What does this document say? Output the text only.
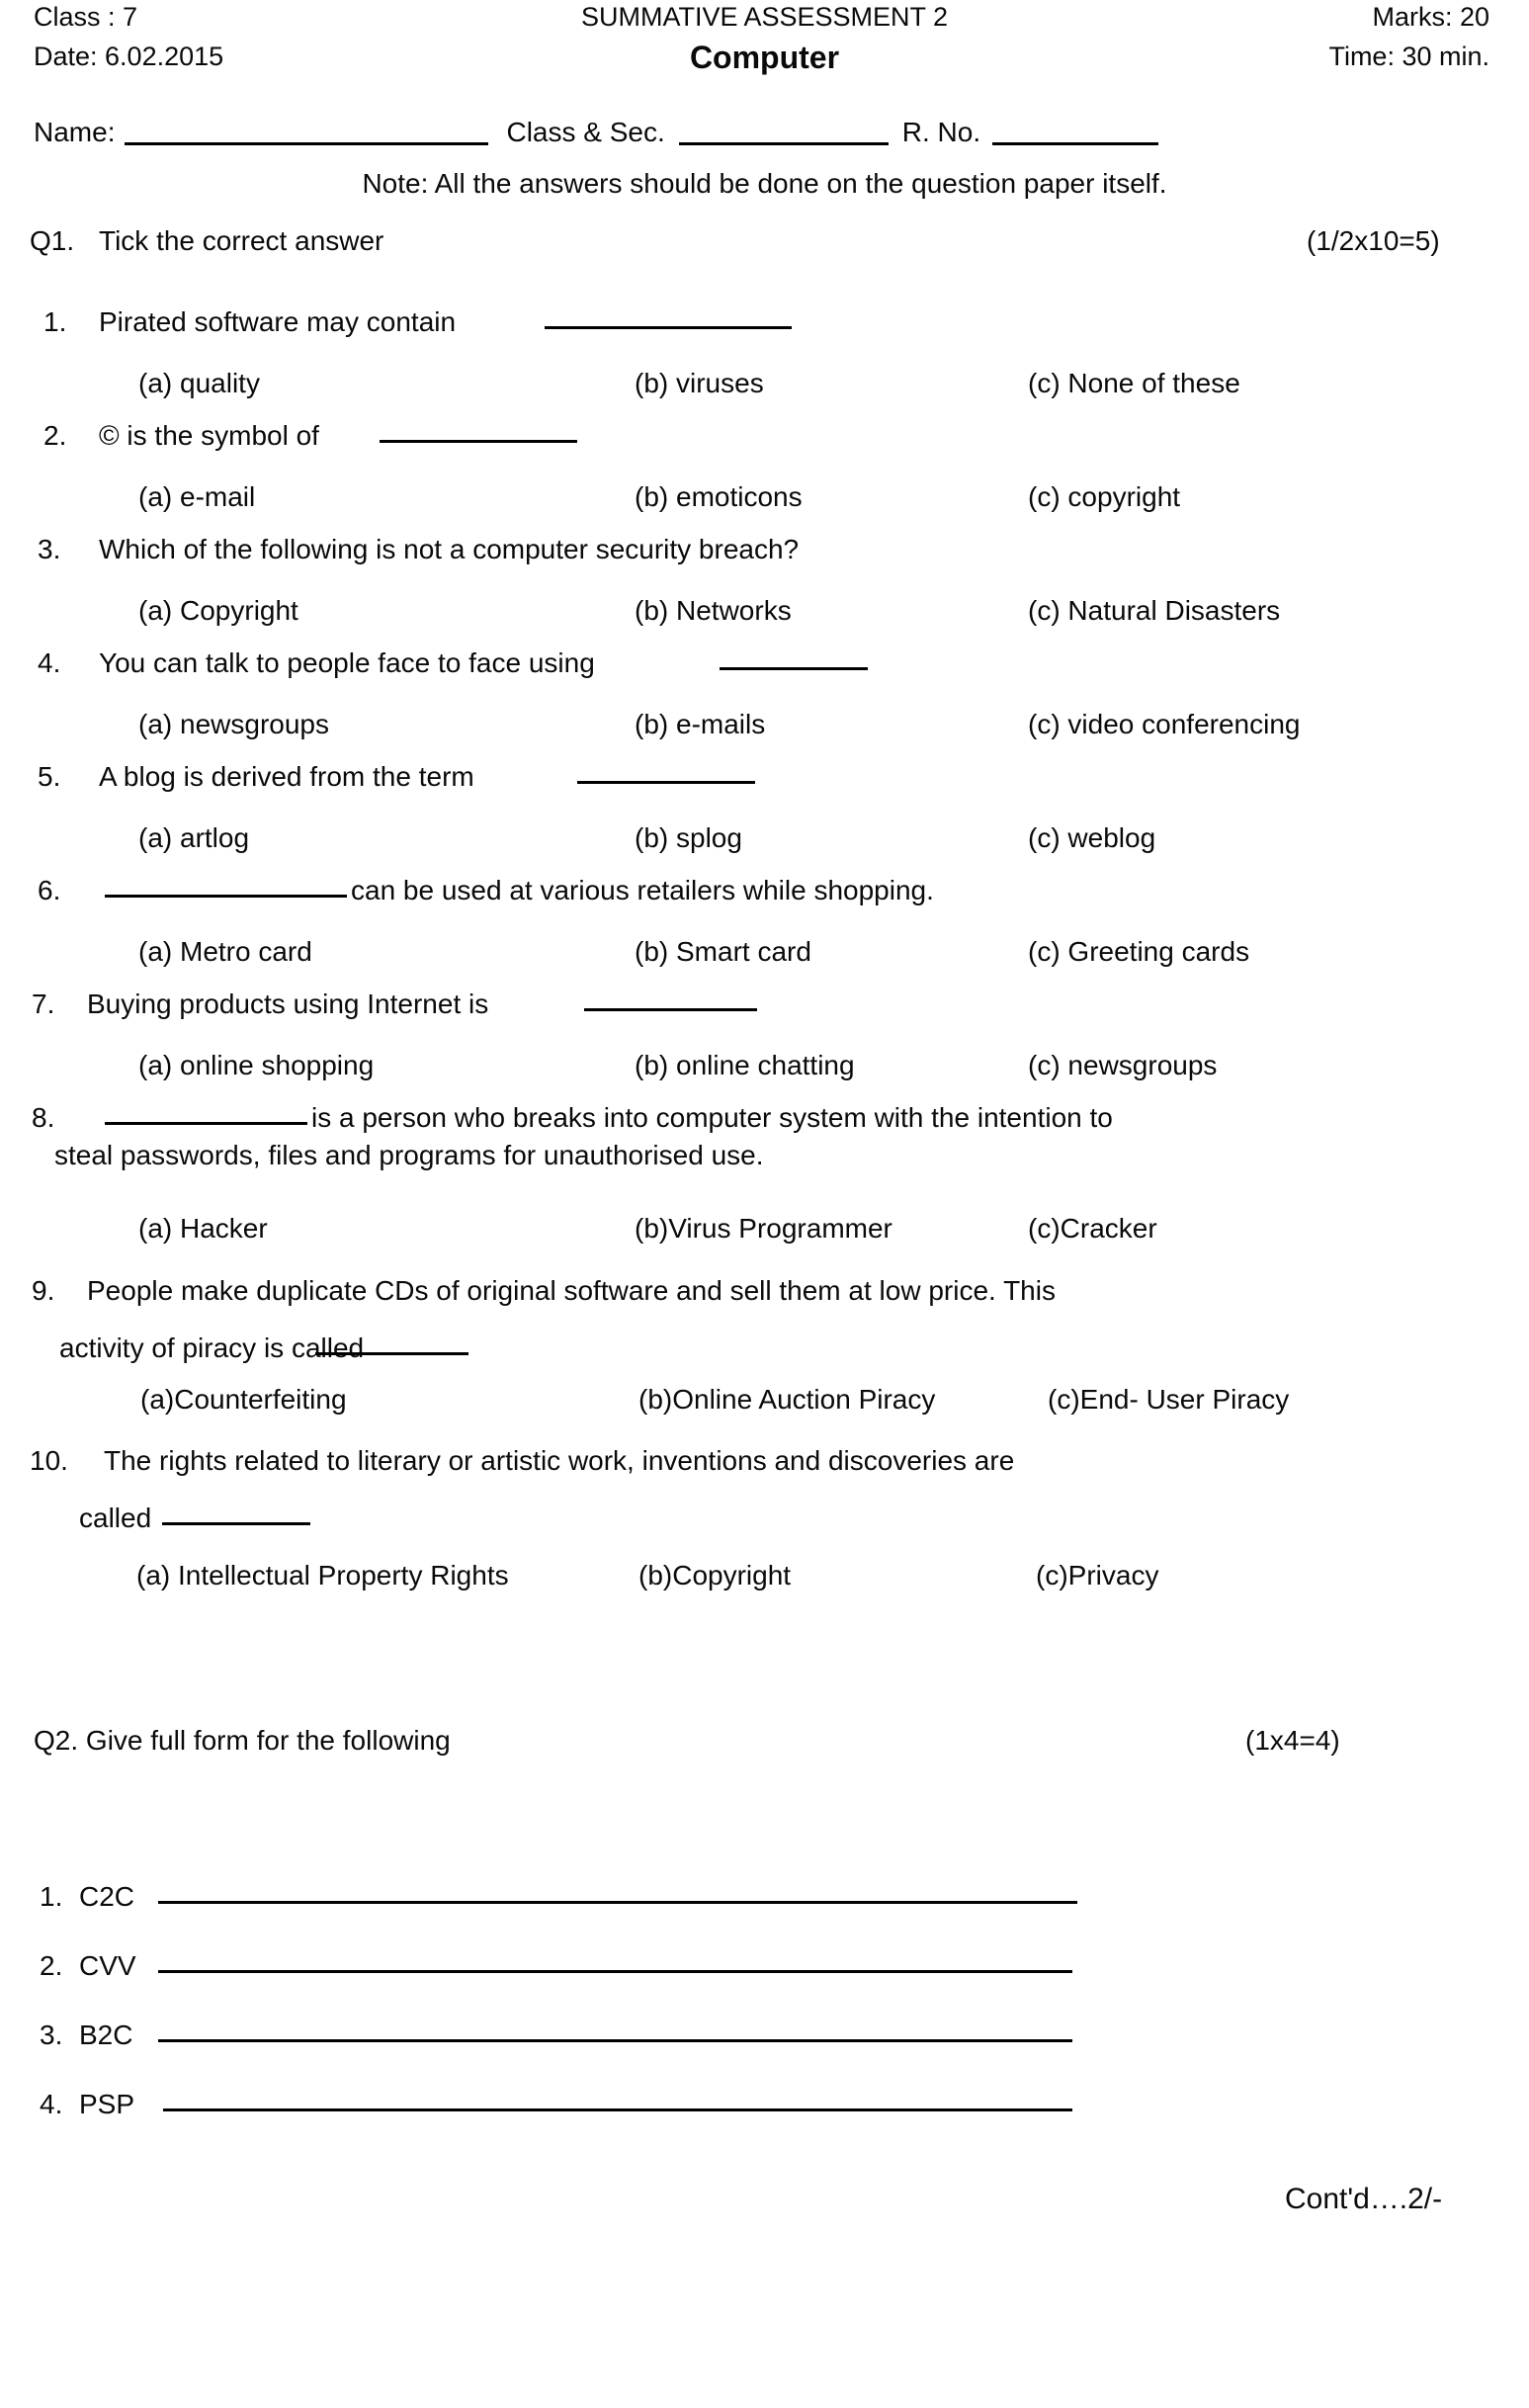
Class : 7	SUMMATIVE ASSESSMENT 2	Marks: 20
Date: 6.02.2015	Computer	Time: 30 min.
Name:	Class & Sec.	R. No.
Note: All the answers should be done on the question paper itself.
Q1. Tick the correct answer	(1/2x10=5)
1. Pirated software may contain
(a) quality	(b) viruses	(c) None of these
2. © is the symbol of
(a) e-mail	(b) emoticons	(c) copyright
3. Which of the following is not a computer security breach?
(a) Copyright	(b) Networks	(c) Natural Disasters
4. You can talk to people face to face using
(a) newsgroups	(b) e-mails	(c) video conferencing
5. A blog is derived from the term
(a) artlog	(b) splog	(c) weblog
6.	can be used at various retailers while shopping.
(a) Metro card	(b) Smart card	(c) Greeting cards
7. Buying products using Internet is
(a) online shopping	(b) online chatting	(c) newsgroups
8.	is a person who breaks into computer system with the intention to
steal passwords, files and programs for unauthorised use.
(a) Hacker	(b)Virus Programmer	(c)Cracker
9. People make duplicate CDs of original software and sell them at low price. This
activity of piracy is called
(a)Counterfeiting	(b)Online Auction Piracy	(c)End- User Piracy
10. The rights related to literary or artistic work, inventions and discoveries are
called
(a) Intellectual Property Rights	(b)Copyright	(c)Privacy
Q2. Give full form for the following	(1x4=4)
1. C2C
2. CVV
3. B2C
4. PSP
Cont'd….2/-
